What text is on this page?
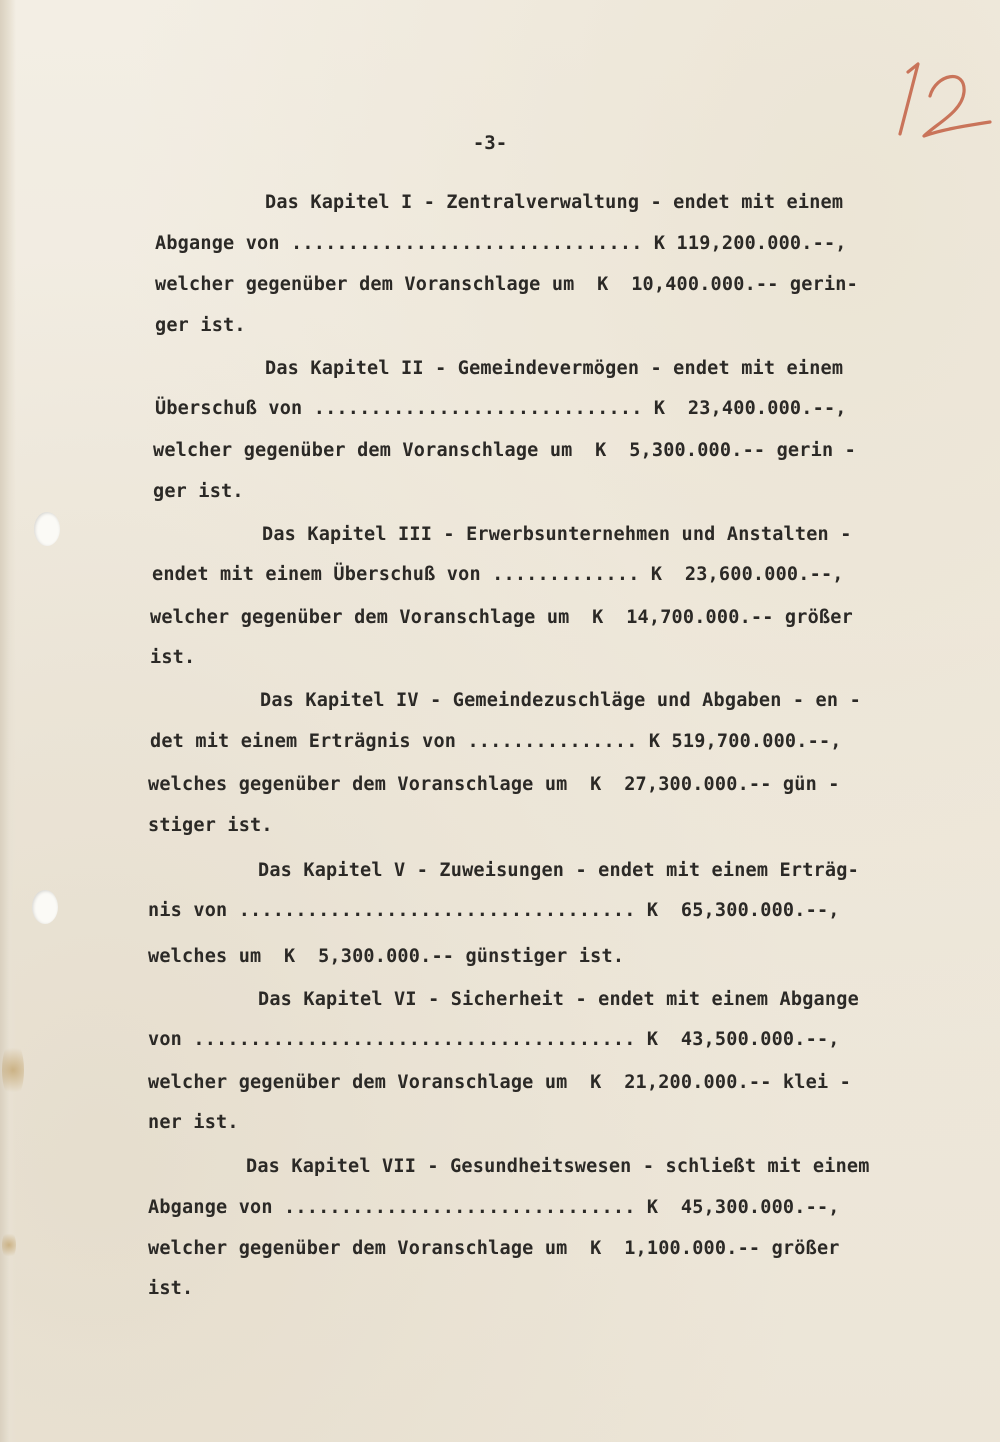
-3-

Das Kapitel I - Zentralverwaltung - endet mit einem
Abgange von ............................... K 119,200.000.--,
welcher gegenüber dem Voranschlage um  K  10,400.000.-- gerin-
ger ist.
Das Kapitel II - Gemeindevermögen - endet mit einem
Überschuß von ............................. K  23,400.000.--,
welcher gegenüber dem Voranschlage um  K  5,300.000.-- gerin -
ger ist.
Das Kapitel III - Erwerbsunternehmen und Anstalten -
endet mit einem Überschuß von ............. K  23,600.000.--,
welcher gegenüber dem Voranschlage um  K  14,700.000.-- größer
ist.
Das Kapitel IV - Gemeindezuschläge und Abgaben - en -
det mit einem Erträgnis von ............... K 519,700.000.--,
welches gegenüber dem Voranschlage um  K  27,300.000.-- gün -
stiger ist.
Das Kapitel V - Zuweisungen - endet mit einem Erträg-
nis von ................................... K  65,300.000.--,
welches um  K  5,300.000.-- günstiger ist.
Das Kapitel VI - Sicherheit - endet mit einem Abgange
von ....................................... K  43,500.000.--,
welcher gegenüber dem Voranschlage um  K  21,200.000.-- klei -
ner ist.
Das Kapitel VII - Gesundheitswesen - schließt mit einem
Abgange von ............................... K  45,300.000.--,
welcher gegenüber dem Voranschlage um  K  1,100.000.-- größer
ist.
